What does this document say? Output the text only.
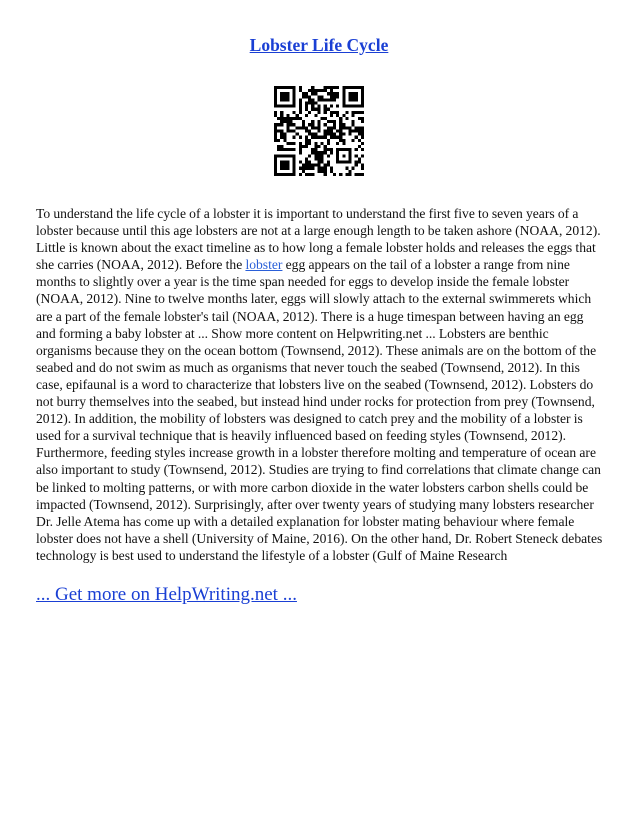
Lobster Life Cycle

To understand the life cycle of a lobster it is important to understand the first five to seven years of a lobster because until this age lobsters are not at a large enough length to be taken ashore (NOAA, 2012). Little is known about the exact timeline as to how long a female lobster holds and releases the eggs that she carries (NOAA, 2012). Before the lobster egg appears on the tail of a lobster a range from nine months to slightly over a year is the time span needed for eggs to develop inside the female lobster (NOAA, 2012). Nine to twelve months later, eggs will slowly attach to the external swimmerets which are a part of the female lobster's tail (NOAA, 2012). There is a huge timespan between having an egg and forming a baby lobster at ... Show more content on Helpwriting.net ... Lobsters are benthic organisms because they on the ocean bottom (Townsend, 2012). These animals are on the bottom of the seabed and do not swim as much as organisms that never touch the seabed (Townsend, 2012). In this case, epifaunal is a word to characterize that lobsters live on the seabed (Townsend, 2012). Lobsters do not burry themselves into the seabed, but instead hind under rocks for protection from prey (Townsend, 2012). In addition, the mobility of lobsters was designed to catch prey and the mobility of a lobster is used for a survival technique that is heavily influenced based on feeding styles (Townsend, 2012). Furthermore, feeding styles increase growth in a lobster therefore molting and temperature of ocean are also important to study (Townsend, 2012). Studies are trying to find correlations that climate change can be linked to molting patterns, or with more carbon dioxide in the water lobsters carbon shells could be impacted (Townsend, 2012). Surprisingly, after over twenty years of studying many lobsters researcher Dr. Jelle Atema has come up with a detailed explanation for lobster mating behaviour where female lobster does not have a shell (University of Maine, 2016). On the other hand, Dr. Robert Steneck debates technology is best used to understand the lifestyle of a lobster (Gulf of Maine Research

... Get more on HelpWriting.net ...
